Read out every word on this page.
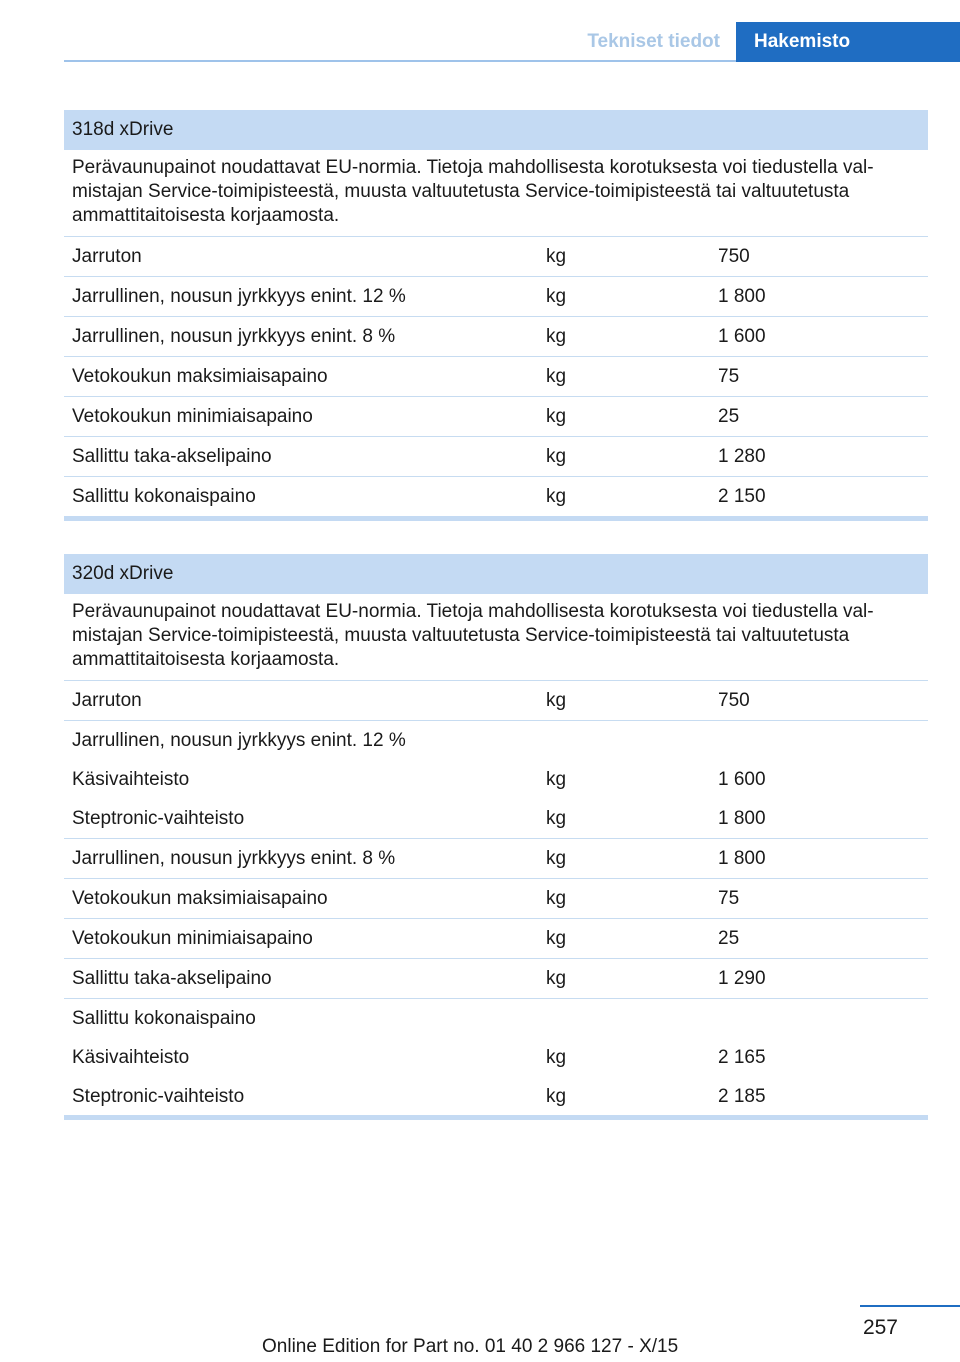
Tekniset tiedot	Hakemisto
318d xDrive
Perävaunupainot noudattavat EU-normia. Tietoja mahdollisesta korotuksesta voi tiedustella val-mistajan Service-toimipisteestä, muusta valtuutetusta Service-toimipisteestä tai valtuutetusta ammattitaitoisesta korjaamosta.
Jarruton	kg	750
Jarrullinen, nousun jyrkkyys enint. 12 %	kg	1 800
Jarrullinen, nousun jyrkkyys enint. 8 %	kg	1 600
Vetokoukun maksimiaisapaino	kg	75
Vetokoukun minimiaisapaino	kg	25
Sallittu taka-akselipaino	kg	1 280
Sallittu kokonaispaino	kg	2 150
320d xDrive
Perävaunupainot noudattavat EU-normia. Tietoja mahdollisesta korotuksesta voi tiedustella val-mistajan Service-toimipisteestä, muusta valtuutetusta Service-toimipisteestä tai valtuutetusta ammattitaitoisesta korjaamosta.
Jarruton	kg	750
Jarrullinen, nousun jyrkkyys enint. 12 %
Käsivaihteisto	kg	1 600
Steptronic-vaihteisto	kg	1 800
Jarrullinen, nousun jyrkkyys enint. 8 %	kg	1 800
Vetokoukun maksimiaisapaino	kg	75
Vetokoukun minimiaisapaino	kg	25
Sallittu taka-akselipaino	kg	1 290
Sallittu kokonaispaino
Käsivaihteisto	kg	2 165
Steptronic-vaihteisto	kg	2 185
257
Online Edition for Part no. 01 40 2 966 127 - X/15
